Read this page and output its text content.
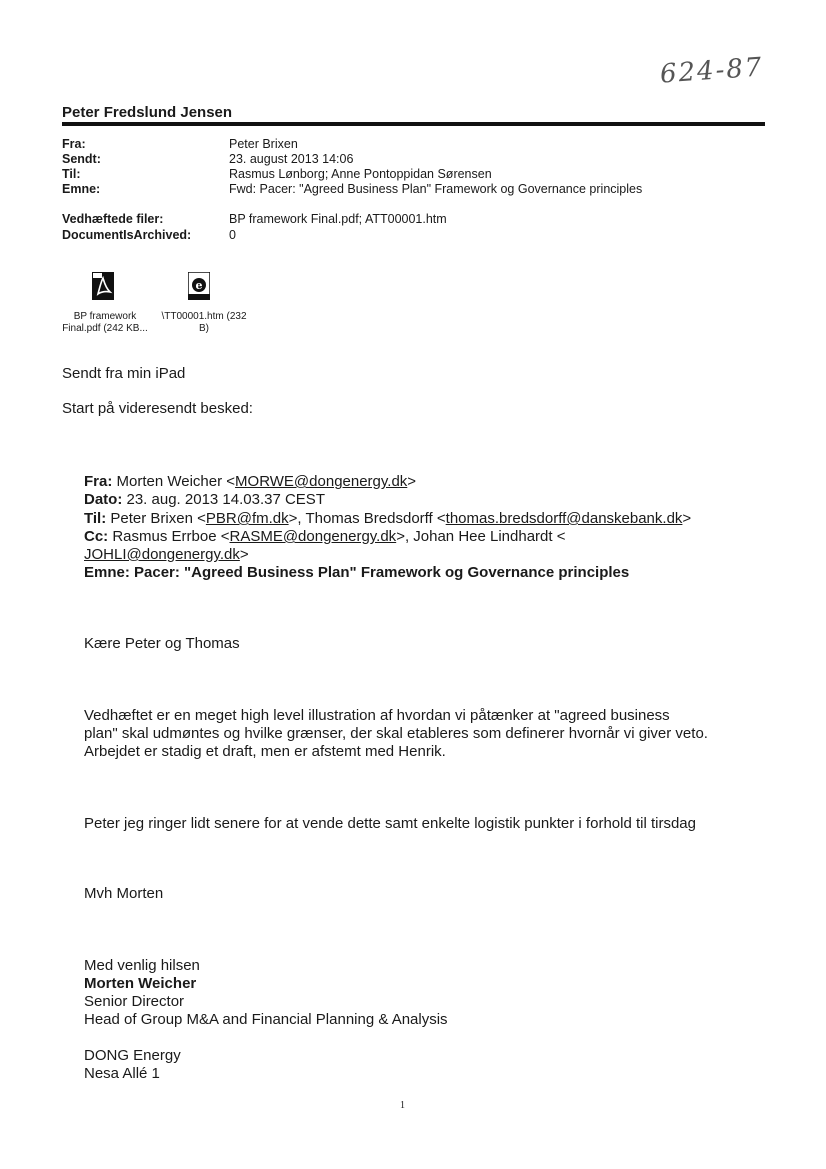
624-87
Peter Fredslund Jensen
Fra:	Peter Brixen
Sendt:	23. august 2013 14:06
Til:	Rasmus Lønborg; Anne Pontoppidan Sørensen
Emne:	Fwd: Pacer: "Agreed Business Plan" Framework og Governance principles
Vedhæftede filer:	BP framework Final.pdf; ATT00001.htm
DocumentIsArchived:	0
BP framework
Final.pdf (242 KB...
e
\TT00001.htm (232
B)
Sendt fra min iPad
Start på videresendt besked:
Fra: Morten Weicher <MORWE@dongenergy.dk>
Dato: 23. aug. 2013 14.03.37 CEST
Til: Peter Brixen <PBR@fm.dk>, Thomas Bredsdorff <thomas.bredsdorff@danskebank.dk>
Cc: Rasmus Errboe <RASME@dongenergy.dk>, Johan Hee Lindhardt <
JOHLI@dongenergy.dk>
Emne: Pacer: "Agreed Business Plan" Framework og Governance principles
Kære Peter og Thomas
Vedhæftet er en meget high level illustration af hvordan vi påtænker at "agreed business
plan" skal udmøntes og hvilke grænser, der skal etableres som definerer hvornår vi giver veto.
Arbejdet er stadig et draft, men er afstemt med Henrik.
Peter jeg ringer lidt senere for at vende dette samt enkelte logistik punkter i forhold til tirsdag
Mvh Morten
Med venlig hilsen
Morten Weicher
Senior Director
Head of Group M&A and Financial Planning & Analysis
DONG Energy
Nesa Allé 1
1
